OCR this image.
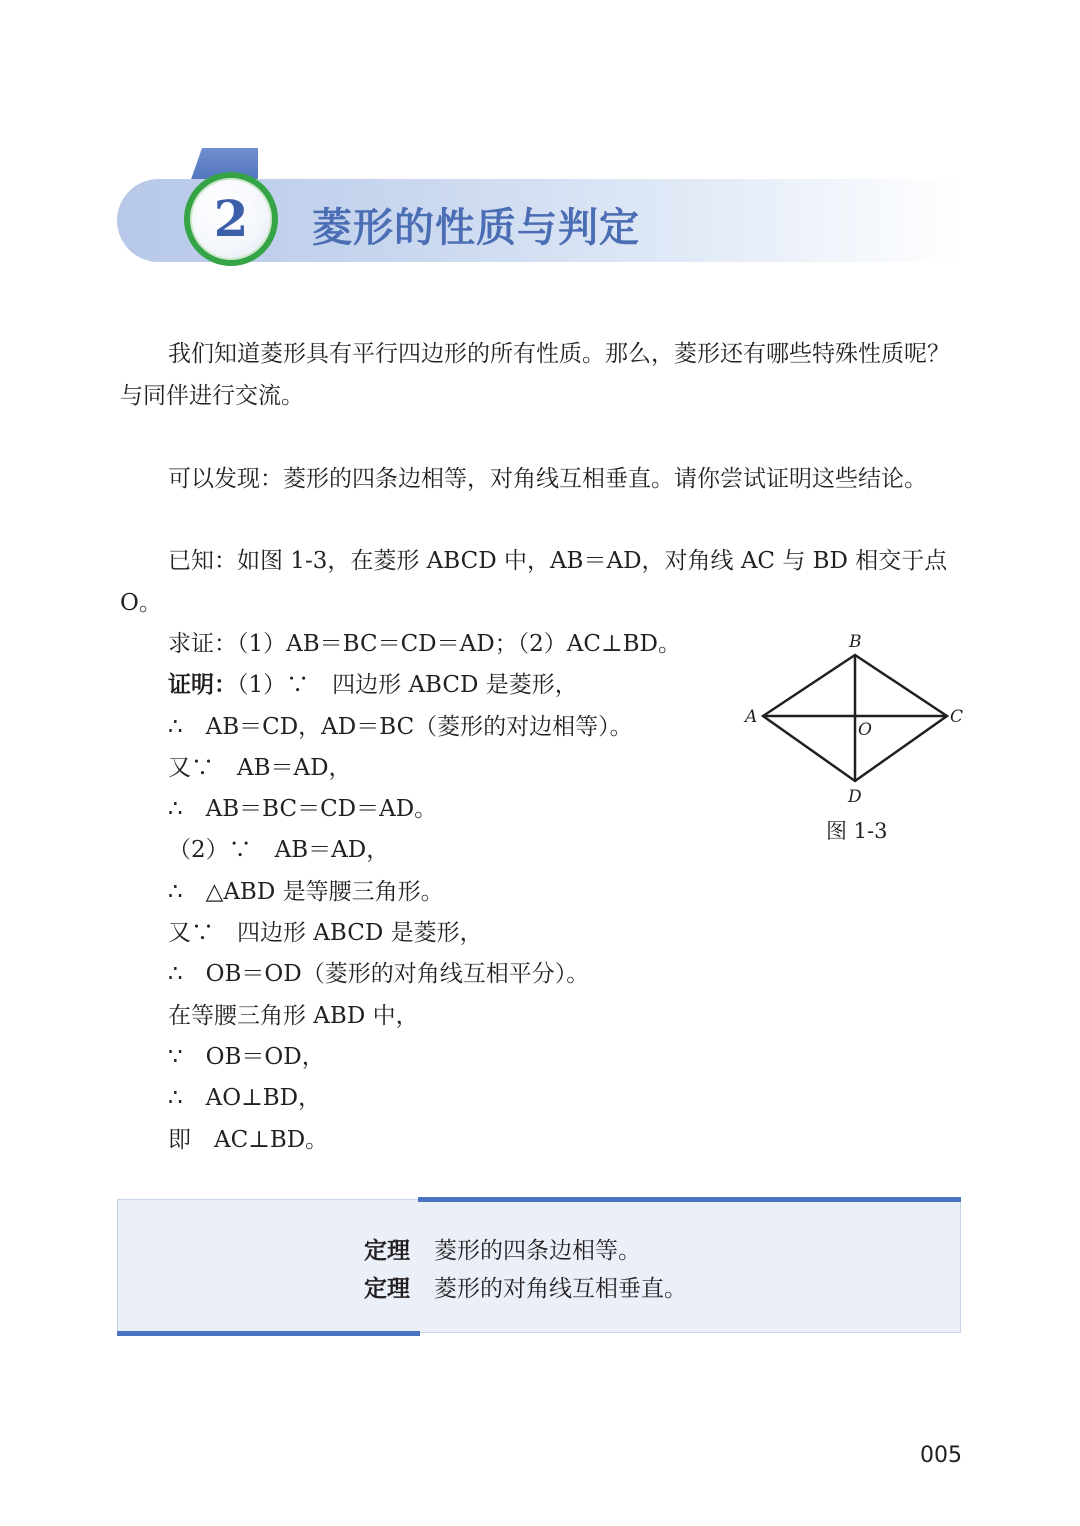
2 菱形的性质与判定
我们知道菱形具有平行四边形的所有性质。那么，菱形还有哪些特殊性质呢？与同伴进行交流。
可以发现：菱形的四条边相等，对角线互相垂直。请你尝试证明这些结论。
已知：如图 1-3，在菱形 ABCD 中，AB＝AD，对角线 AC 与 BD 相交于点 O。
求证：（1）AB＝BC＝CD＝AD；（2）AC⊥BD。
证明：（1）∵　四边形 ABCD 是菱形，
∴　AB＝CD，AD＝BC（菱形的对边相等）。
又∵　AB＝AD，
∴　AB＝BC＝CD＝AD。
（2）∵　AB＝AD，
∴　△ABD 是等腰三角形。
又∵　四边形 ABCD 是菱形，
∴　OB＝OD（菱形的对角线互相平分）。
在等腰三角形 ABD 中，
∵　OB＝OD，
∴　AO⊥BD，
即　AC⊥BD。
A
B
C
D
O
图 1-3
定理 菱形的四条边相等。
定理 菱形的对角线互相垂直。
005
